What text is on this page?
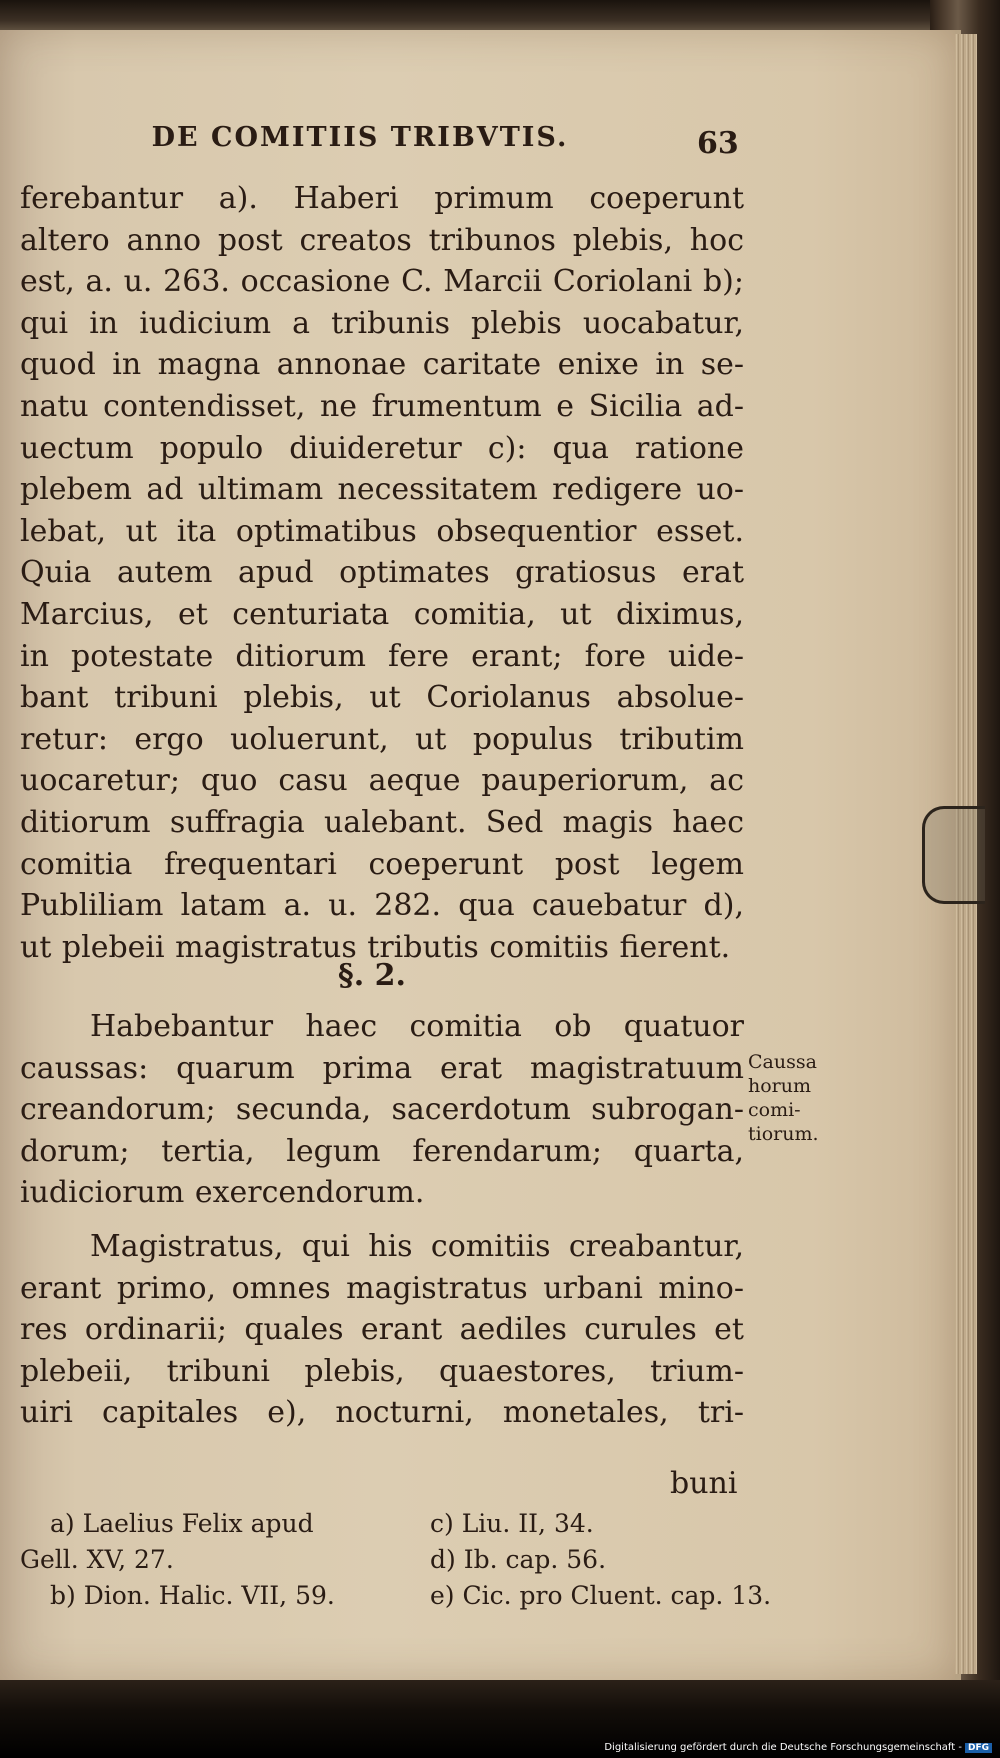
DE COMITIIS TRIBVTIS.	63
ferebantur a). Haberi primum coeperunt
altero anno post creatos tribunos plebis, hoc
est, a. u. 263. occasione C. Marcii Coriolani b);
qui in iudicium a tribunis plebis uocabatur,
quod in magna annonae caritate enixe in se-
natu contendisset, ne frumentum e Sicilia ad-
uectum populo diuideretur c): qua ratione
plebem ad ultimam necessitatem redigere uo-
lebat, ut ita optimatibus obsequentior esset.
Quia autem apud optimates gratiosus erat
Marcius, et centuriata comitia, ut diximus,
in potestate ditiorum fere erant; fore uide-
bant tribuni plebis, ut Coriolanus absolue-
retur: ergo uoluerunt, ut populus tributim
uocaretur; quo casu aeque pauperiorum, ac
ditiorum suffragia ualebant. Sed magis haec
comitia frequentari coeperunt post legem
Publiliam latam a. u. 282. qua cauebatur d),
ut plebeii magistratus tributis comitiis fierent.
§. 2.
Habebantur haec comitia ob quatuor
caussas: quarum prima erat magistratuum
creandorum; secunda, sacerdotum subrogan-
dorum; tertia, legum ferendarum; quarta,
iudiciorum exercendorum.
Caussa
horum
comi-
tiorum.
Magistratus, qui his comitiis creabantur,
erant primo, omnes magistratus urbani mino-
res ordinarii; quales erant aediles curules et
plebeii, tribuni plebis, quaestores, trium-
uiri capitales e), nocturni, monetales, tri-
buni
a) Laelius Felix apud
Gell. XV, 27.
b) Dion. Halic. VII, 59.
c) Liu. II, 34.
d) Ib. cap. 56.
e) Cic. pro Cluent. cap. 13.
Digitalisierung gefördert durch die Deutsche Forschungsgemeinschaft - DFG
